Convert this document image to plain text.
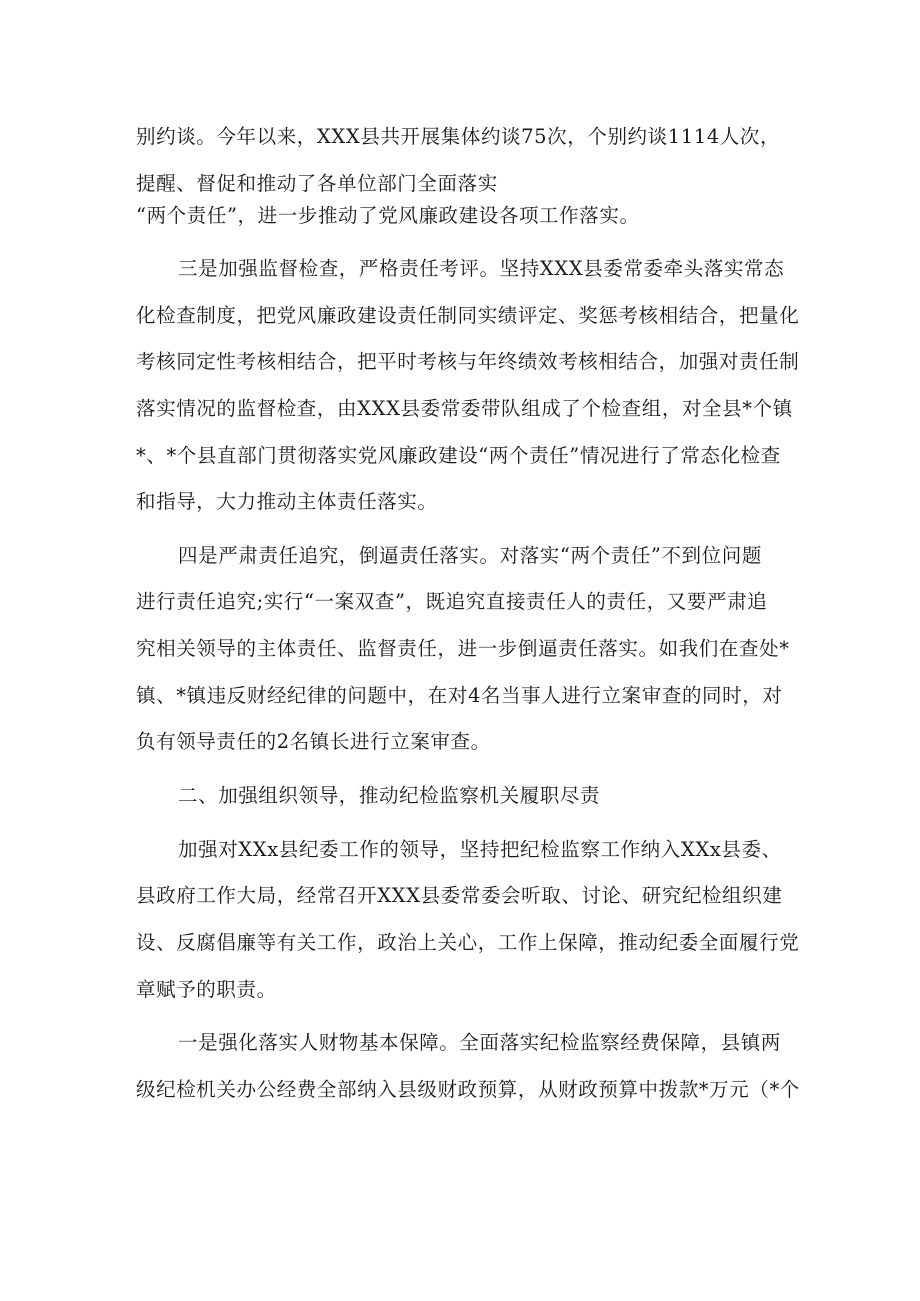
别约谈。今年以来，XXX县共开展集体约谈75次，个别约谈1114人次，
提醒、督促和推动了各单位部门全面落实
“两个责任”，进一步推动了党风廉政建设各项工作落实。
三是加强监督检查，严格责任考评。坚持XXX县委常委牵头落实常态
化检查制度，把党风廉政建设责任制同实绩评定、奖惩考核相结合，把量化
考核同定性考核相结合，把平时考核与年终绩效考核相结合，加强对责任制
落实情况的监督检查，由XXX县委常委带队组成了个检查组，对全县*个镇
*、*个县直部门贯彻落实党风廉政建设“两个责任”情况进行了常态化检查
和指导，大力推动主体责任落实。
四是严肃责任追究，倒逼责任落实。对落实“两个责任”不到位问题
进行责任追究;实行“一案双查”，既追究直接责任人的责任，又要严肃追
究相关领导的主体责任、监督责任，进一步倒逼责任落实。如我们在查处*
镇、*镇违反财经纪律的问题中，在对4名当事人进行立案审查的同时，对
负有领导责任的2名镇长进行立案审查。
二、加强组织领导，推动纪检监察机关履职尽责
加强对XXx县纪委工作的领导，坚持把纪检监察工作纳入XXx县委、
县政府工作大局，经常召开XXX县委常委会听取、讨论、研究纪检组织建
设、反腐倡廉等有关工作，政治上关心，工作上保障，推动纪委全面履行党
章赋予的职责。
一是强化落实人财物基本保障。全面落实纪检监察经费保障，县镇两
级纪检机关办公经费全部纳入县级财政预算，从财政预算中拨款*万元（*个
